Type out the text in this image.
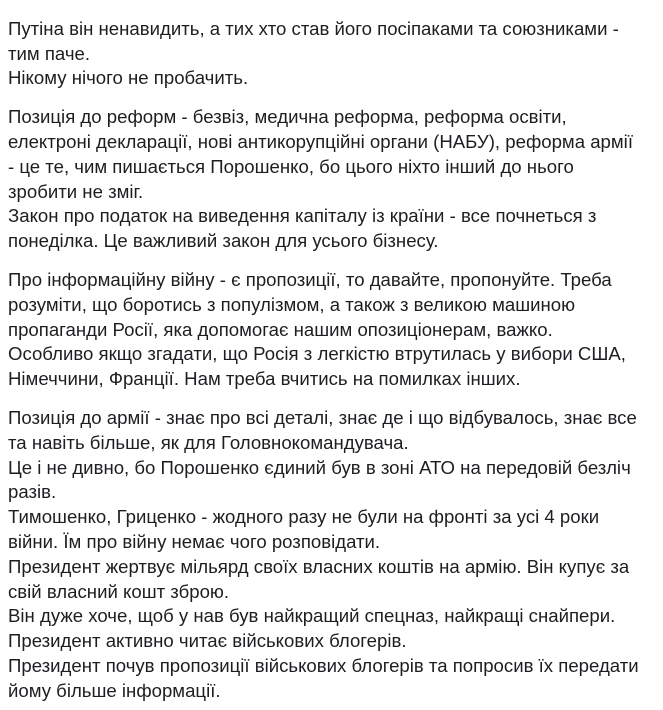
Путіна він ненавидить, а тих хто став його посіпаками та союзниками -
тим паче.
Нікому нічого не пробачить.
Позиція до реформ - безвіз, медична реформа, реформа освіти,
електроні декларації, нові антикорупційні органи (НАБУ), реформа армії
- це те, чим пишається Порошенко, бо цього ніхто інший до нього
зробити не зміг.
Закон про податок на виведення капіталу із країни - все почнеться з
понеділка. Це важливий закон для усього бізнесу.
Про інформаційну війну - є пропозиції, то давайте, пропонуйте. Треба
розуміти, що боротись з популізмом, а також з великою машиною
пропаганди Росії, яка допомогає нашим опозиціонерам, важко.
Особливо якщо згадати, що Росія з легкістю втрутилась у вибори США,
Німеччини, Франції. Нам треба вчитись на помилках інших.
Позиція до армії - знає про всі деталі, знає де і що відбувалось, знає все
та навіть більше, як для Головнокомандувача.
Це і не дивно, бо Порошенко єдиний був в зоні АТО на передовій безліч
разів.
Тимошенко, Гриценко - жодного разу не були на фронті за усі 4 роки
війни. Їм про війну немає чого розповідати.
Президент жертвує мільярд своїх власних коштів на армію. Він купує за
свій власний кошт зброю.
Він дуже хоче, щоб у нав був найкращий спецназ, найкращі снайпери.
Президент активно читає військових блогерів.
Президент почув пропозиції військових блогерів та попросив їх передати
йому більше інформації.
